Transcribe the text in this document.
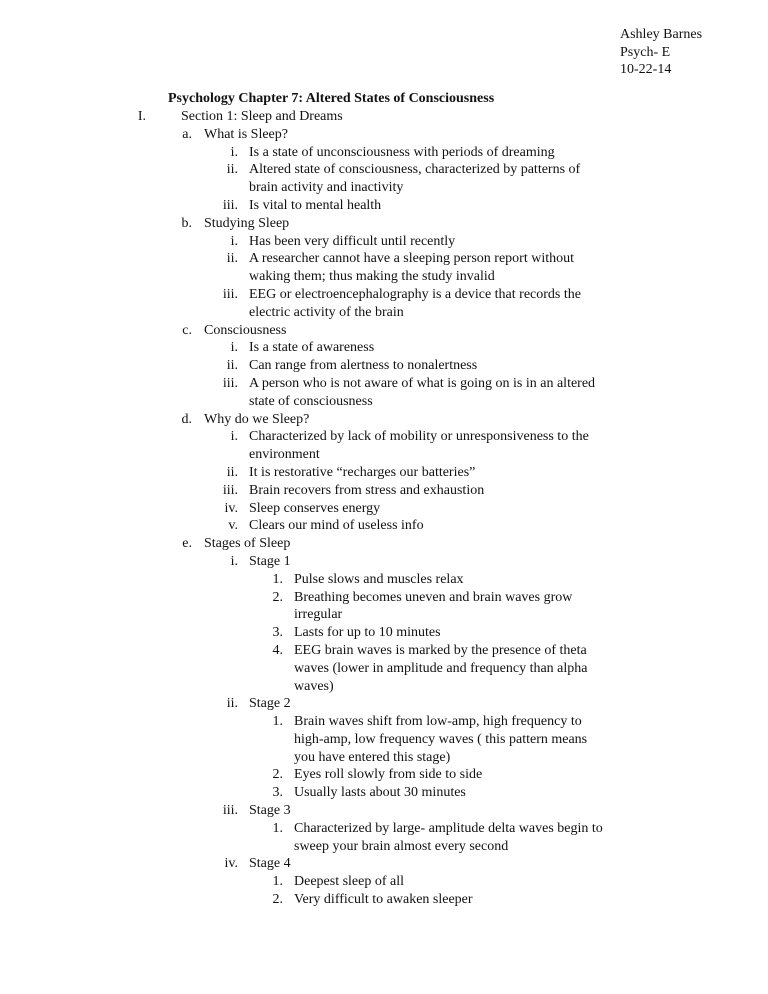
Ashley Barnes
Psych- E
10-22-14
Psychology Chapter 7: Altered States of Consciousness
I.	Section 1: Sleep and Dreams
a. What is Sleep?
i. Is a state of unconsciousness with periods of dreaming
ii. Altered state of consciousness, characterized by patterns of
brain activity and inactivity
iii. Is vital to mental health
b. Studying Sleep
i. Has been very difficult until recently
ii. A researcher cannot have a sleeping person report without
waking them; thus making the study invalid
iii. EEG or electroencephalography is a device that records the
electric activity of the brain
c. Consciousness
i. Is a state of awareness
ii. Can range from alertness to nonalertness
iii. A person who is not aware of what is going on is in an altered
state of consciousness
d. Why do we Sleep?
i. Characterized by lack of mobility or unresponsiveness to the
environment
ii. It is restorative “recharges our batteries”
iii. Brain recovers from stress and exhaustion
iv. Sleep conserves energy
v. Clears our mind of useless info
e. Stages of Sleep
i. Stage 1
1. Pulse slows and muscles relax
2. Breathing becomes uneven and brain waves grow
irregular
3. Lasts for up to 10 minutes
4. EEG brain waves is marked by the presence of theta
waves (lower in amplitude and frequency than alpha
waves)
ii. Stage 2
1. Brain waves shift from low-amp, high frequency to
high-amp, low frequency waves ( this pattern means
you have entered this stage)
2. Eyes roll slowly from side to side
3. Usually lasts about 30 minutes
iii. Stage 3
1. Characterized by large- amplitude delta waves begin to
sweep your brain almost every second
iv. Stage 4
1. Deepest sleep of all
2. Very difficult to awaken sleeper
